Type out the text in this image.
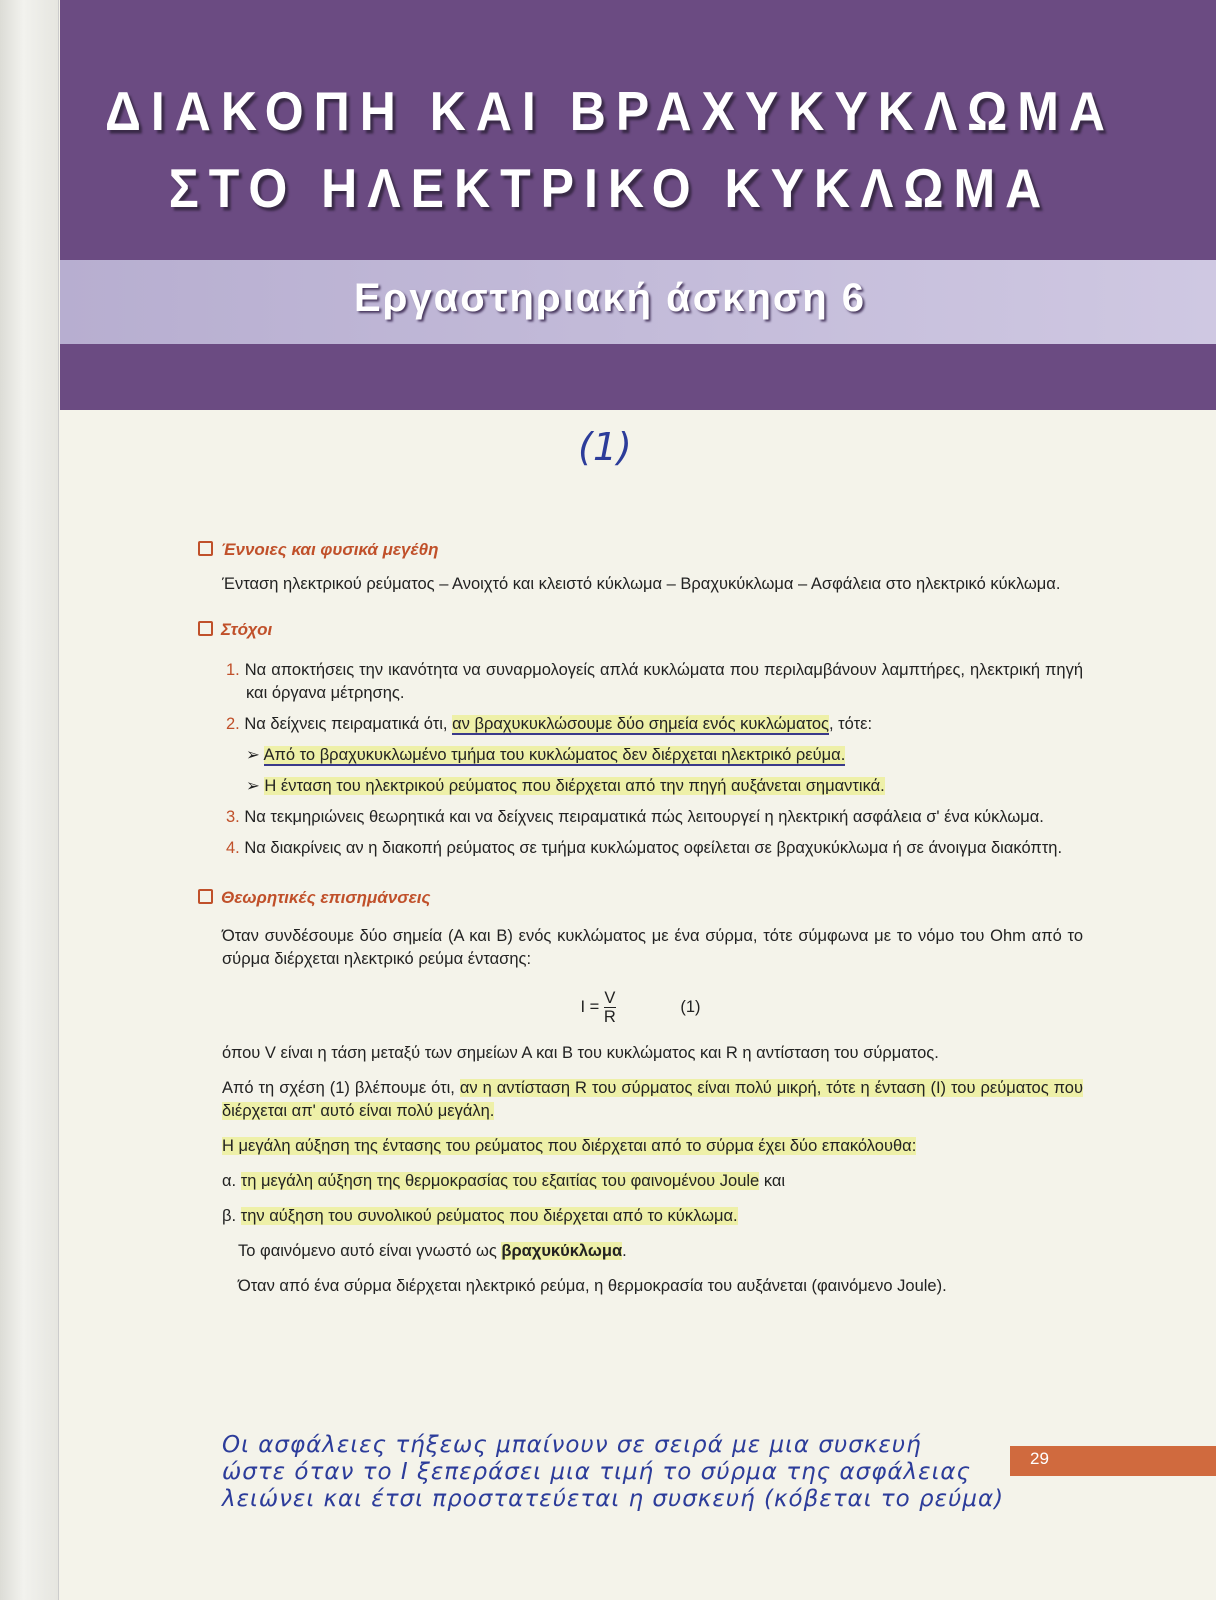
ΔΙΑΚΟΠΗ ΚΑΙ ΒΡΑΧΥΚΥΚΛΩΜΑ
ΣΤΟ ΗΛΕΚΤΡΙΚΟ ΚΥΚΛΩΜΑ
Εργαστηριακή άσκηση 6
(1)
Έννοιες και φυσικά μεγέθη

Ένταση ηλεκτρικού ρεύματος – Ανοιχτό και κλειστό κύκλωμα – Βραχυκύκλωμα – Ασφάλεια στο ηλεκτρικό κύκλωμα.

Στόχοι
1. Να αποκτήσεις την ικανότητα να συναρμολογείς απλά κυκλώματα που περιλαμβάνουν λαμπτήρες, ηλεκτρική πηγή και όργανα μέτρησης.
2. Να δείχνεις πειραματικά ότι, αν βραχυκυκλώσουμε δύο σημεία ενός κυκλώματος, τότε:
➢ Από το βραχυκυκλωμένο τμήμα του κυκλώματος δεν διέρχεται ηλεκτρικό ρεύμα.
➢ Η ένταση του ηλεκτρικού ρεύματος που διέρχεται από την πηγή αυξάνεται σημαντικά.
3. Να τεκμηριώνεις θεωρητικά και να δείχνεις πειραματικά πώς λειτουργεί η ηλεκτρική ασφάλεια σ' ένα κύκλωμα.
4. Να διακρίνεις αν η διακοπή ρεύματος σε τμήμα κυκλώματος οφείλεται σε βραχυκύκλωμα ή σε άνοιγμα διακόπτη.
Θεωρητικές επισημάνσεις

Όταν συνδέσουμε δύο σημεία (Α και Β) ενός κυκλώματος με ένα σύρμα, τότε σύμφωνα με το νόμο του Ohm από το σύρμα διέρχεται ηλεκτρικό ρεύμα έντασης:

$I = \frac{V}{R}$	(1)

όπου V είναι η τάση μεταξύ των σημείων Α και Β του κυκλώματος και R η αντίσταση του σύρματος.

Από τη σχέση (1) βλέπουμε ότι, αν η αντίσταση R του σύρματος είναι πολύ μικρή, τότε η ένταση (Ι) του ρεύματος που διέρχεται απ' αυτό είναι πολύ μεγάλη.

Η μεγάλη αύξηση της έντασης του ρεύματος που διέρχεται από το σύρμα έχει δύο επακόλουθα:

α. τη μεγάλη αύξηση της θερμοκρασίας του εξαιτίας του φαινομένου Joule και

β. την αύξηση του συνολικού ρεύματος που διέρχεται από το κύκλωμα.

Το φαινόμενο αυτό είναι γνωστό ως βραχυκύκλωμα.

Όταν από ένα σύρμα διέρχεται ηλεκτρικό ρεύμα, η θερμοκρασία του αυξάνεται (φαινόμενο Joule).

Οι ασφάλειες τήξεως μπαίνουν σε σειρά με μια συσκευή
ώστε όταν το I ξεπεράσει μια τιμή το σύρμα της ασφάλειας
λειώνει και έτσι προστατεύεται η συσκευή (κόβεται το ρεύμα)
29
